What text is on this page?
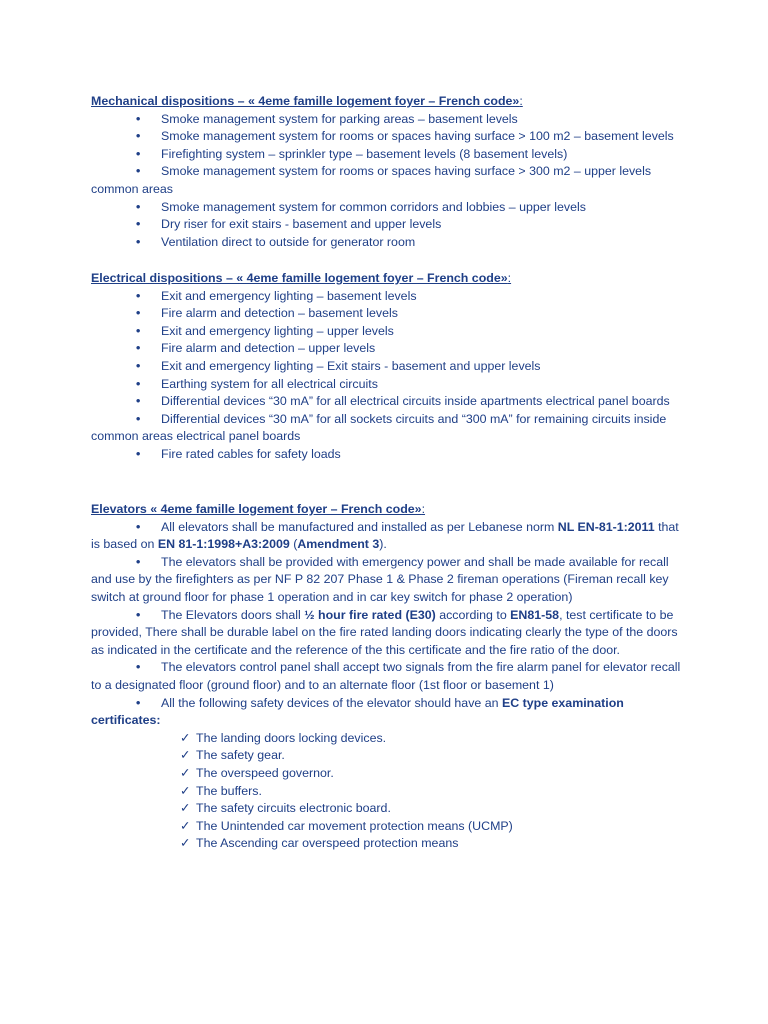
Mechanical dispositions – « 4eme famille logement foyer – French code»:
• Smoke management system for parking areas – basement levels
• Smoke management system for rooms or spaces having surface > 100 m2 – basement levels
• Firefighting system – sprinkler type – basement levels (8 basement levels)
• Smoke management system for rooms or spaces having surface > 300 m2 – upper levels common areas
• Smoke management system for common corridors and lobbies – upper levels
• Dry riser for exit stairs - basement and upper levels
• Ventilation direct to outside for generator room
Electrical dispositions – « 4eme famille logement foyer – French code»:
• Exit and emergency lighting – basement levels
• Fire alarm and detection – basement levels
• Exit and emergency lighting – upper levels
• Fire alarm and detection – upper levels
• Exit and emergency lighting – Exit stairs - basement and upper levels
• Earthing system for all electrical circuits
• Differential devices “30 mA” for all electrical circuits inside apartments electrical panel boards
• Differential devices “30 mA” for all sockets circuits and “300 mA” for remaining circuits inside common areas electrical panel boards
• Fire rated cables for safety loads
Elevators « 4eme famille logement foyer – French code»:
• All elevators shall be manufactured and installed as per Lebanese norm NL EN-81-1:2011 that is based on EN 81-1:1998+A3:2009 (Amendment 3).
• The elevators shall be provided with emergency power and shall be made available for recall and use by the firefighters as per NF P 82 207 Phase 1 & Phase 2 fireman operations (Fireman recall key switch at ground floor for phase 1 operation and in car key switch for phase 2 operation)
• The Elevators doors shall ½ hour fire rated (E30) according to EN81-58, test certificate to be provided, There shall be durable label on the fire rated landing doors indicating clearly the type of the doors as indicated in the certificate and the reference of the this certificate and the fire ratio of the door.
• The elevators control panel shall accept two signals from the fire alarm panel for elevator recall to a designated floor (ground floor) and to an alternate floor (1st floor or basement 1)
• All the following safety devices of the elevator should have an EC type examination certificates:
✓ The landing doors locking devices.
✓ The safety gear.
✓ The overspeed governor.
✓ The buffers.
✓ The safety circuits electronic board.
✓ The Unintended car movement protection means (UCMP)
✓ The Ascending car overspeed protection means
